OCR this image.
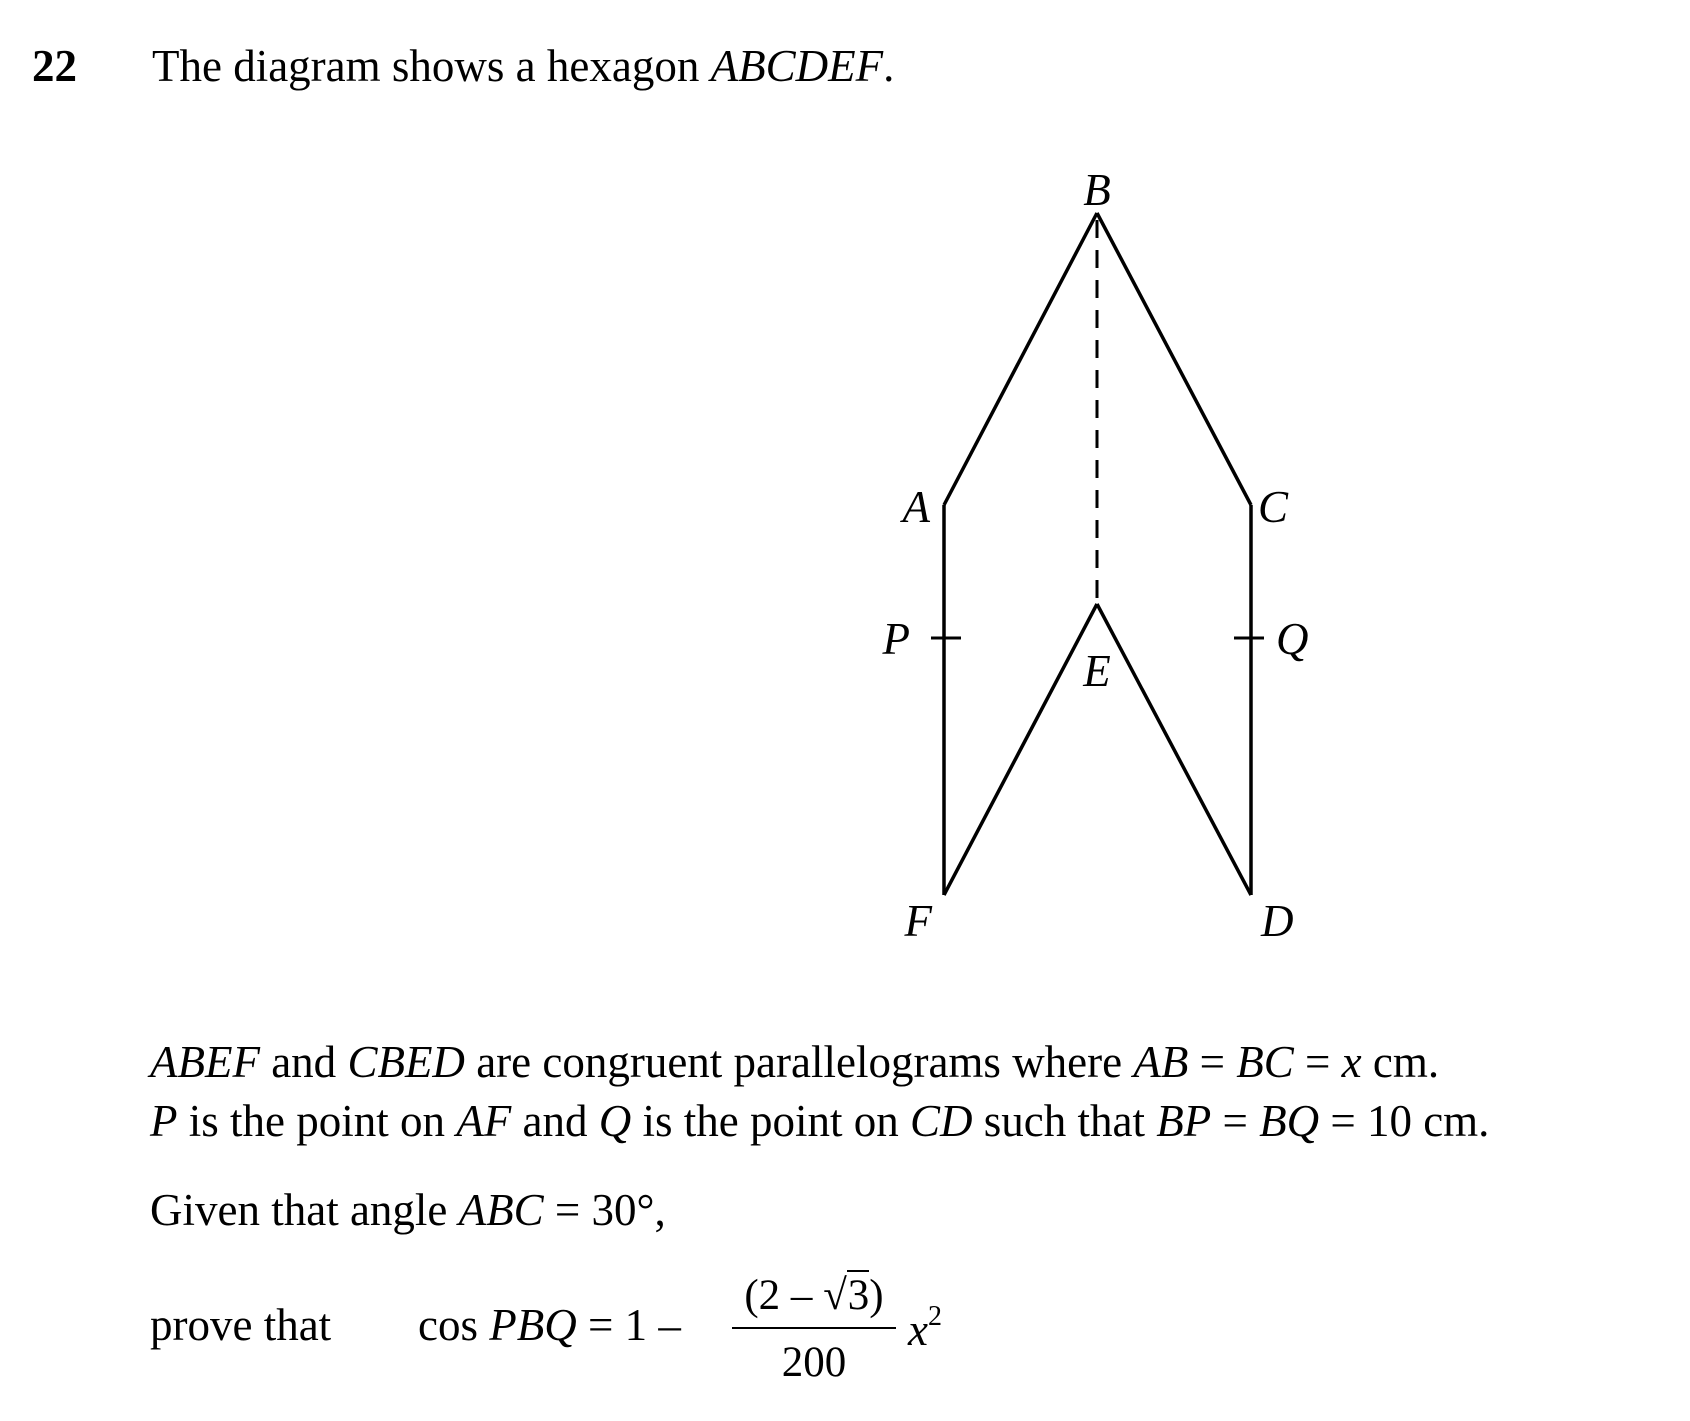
22 The diagram shows a hexagon ABCDEF.
B
A	C
P	Q
E
F	D
ABEF and CBED are congruent parallelograms where AB = BC = x cm.
P is the point on AF and Q is the point on CD such that BP = BQ = 10 cm.
Given that angle ABC = 30°,
prove that cos PBQ = 1 –
(2 – √3)
200
$x^2$
